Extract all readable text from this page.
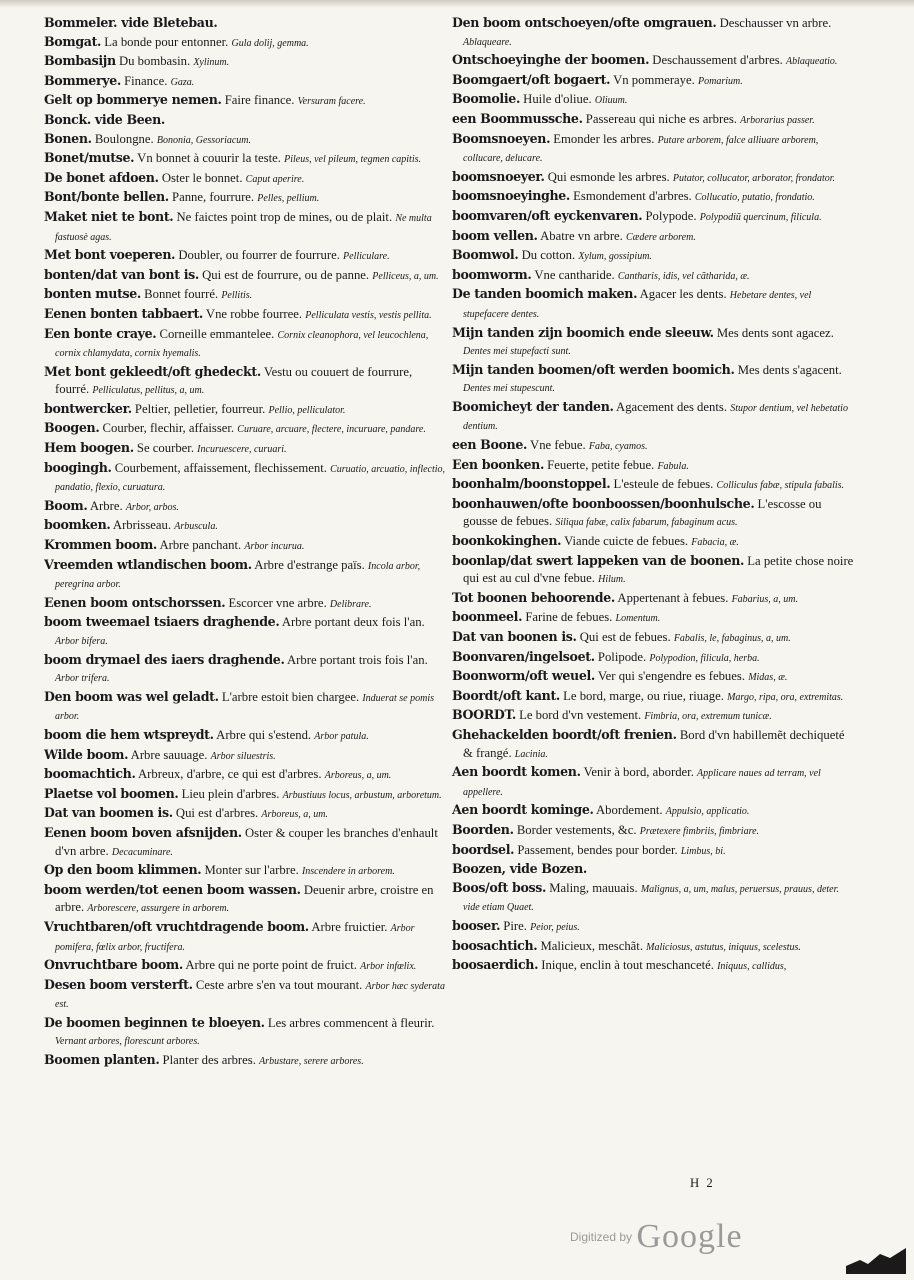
Bommeler. vide Bletebau.

Bomgat. La bonde pour entonner. Gula dolij, gemma.

Bombasijn Du bombasin. Xylinum.

Bommerye. Finance. Gaza.

Gelt op bommerye nemen. Faire finance. Versuram facere.

Bonck. vide Been.

Bonen. Boulongne. Bononia, Gessoriacum.

Bonet/mutse. Vn bonnet à couurir la teste. Pileus, vel pileum, tegmen capitis.

De bonet afdoen. Oster le bonnet. Caput aperire.

Bont/bonte bellen. Panne, fourrure. Pelles, pellium.

Maket niet te bont. Ne faictes point trop de mines, ou de plait. Ne multa fastuosè agas.

Met bont voeperen. Doubler, ou fourrer de fourrure. Pelliculare.

bonten/dat van bont is. Qui est de fourrure, ou de panne. Pelliceus, a, um.

bonten mutse. Bonnet fourré. Pellitis.

Eenen bonten tabbaert. Vne robbe fourree. Pelliculata vestis, vestis pellita.

Een bonte craye. Corneille emmantelee. Cornix cleanophora, vel leucochlena, cornix chlamydata, cornix hyemalis.

Met bont gekleedt/oft ghedeckt. Vestu ou couuert de fourrure, fourré. Pelliculatus, pellitus, a, um.

bontwercker. Peltier, pelletier, fourreur. Pellio, pelliculator.

Boogen. Courber, flechir, affaisser. Curuare, arcuare, flectere, incuruare, pandare.

Hem boogen. Se courber. Incuruescere, curuari.

boogingh. Courbement, affaissement, flechissement. Curuatio, arcuatio, inflectio, pandatio, flexio, curuatura.

Boom. Arbre. Arbor, arbos.

boomken. Arbrisseau. Arbuscula.

Krommen boom. Arbre panchant. Arbor incurua.

Vreemden wtlandischen boom. Arbre d'estrange païs. Incola arbor, peregrina arbor.

Eenen boom ontschorssen. Escorcer vne arbre. Delibrare.

boom tweemael tsiaers draghende. Arbre portant deux fois l'an. Arbor bifera.

boom drymael des iaers draghende. Arbre portant trois fois l'an. Arbor trifera.

Den boom was wel geladt. L'arbre estoit bien chargee. Induerat se pomis arbor.

boom die hem wtspreydt. Arbre qui s'estend. Arbor patula.

Wilde boom. Arbre sauuage. Arbor siluestris.

boomachtich. Arbreux, d'arbre, ce qui est d'arbres. Arboreus, a, um.

Plaetse vol boomen. Lieu plein d'arbres. Arbustiuus locus, arbustum, arboretum.

Dat van boomen is. Qui est d'arbres. Arboreus, a, um.

Eenen boom boven afsnijden. Oster & couper les branches d'enhault d'vn arbre. Decacuminare.

Op den boom klimmen. Monter sur l'arbre. Inscendere in arborem.

boom werden/tot eenen boom wassen. Deuenir arbre, croistre en arbre. Arborescere, assurgere in arborem.

Vruchtbaren/oft vruchtdragende boom. Arbre fruictier. Arbor pomifera, fœlix arbor, fructifera.

Onvruchtbare boom. Arbre qui ne porte point de fruict. Arbor infœlix.

Desen boom versterft. Ceste arbre s'en va tout mourant. Arbor hæc syderata est.

De boomen beginnen te bloeyen. Les arbres commencent à fleurir. Vernant arbores, florescunt arbores.

Boomen planten. Planter des arbres. Arbustare, serere arbores.

Den boom ontschoeyen/ofte omgrauen. Deschausser vn arbre. Ablaqueare.

Ontschoeyinghe der boomen. Deschaussement d'arbres. Ablaqueatio.

Boomgaert/oft bogaert. Vn pommeraye. Pomarium.

Boomolie. Huile d'oliue. Oliuum.

een Boommussche. Passereau qui niche es arbres. Arborarius passer.

Boomsnoeyen. Emonder les arbres. Putare arborem, falce alliuare arborem, collucare, delucare.

boomsnoeyer. Qui esmonde les arbres. Putator, collucator, arborator, frondator.

boomsnoeyinghe. Esmondement d'arbres. Collucatio, putatio, frondatio.

boomvaren/oft eyckenvaren. Polypode. Polypodiũ quercinum, filicula.

boom vellen. Abatre vn arbre. Cædere arborem.

Boomwol. Du cotton. Xylum, gossipium.

boomworm. Vne cantharide. Cantharis, idis, vel cãtharida, æ.

De tanden boomich maken. Agacer les dents. Hebetare dentes, vel stupefacere dentes.

Mijn tanden zijn boomich ende sleeuw. Mes dents sont agacez. Dentes mei stupefacti sunt.

Mijn tanden boomen/oft werden boomich. Mes dents s'agacent. Dentes mei stupescunt.

Boomicheyt der tanden. Agacement des dents. Stupor dentium, vel hebetatio dentium.

een Boone. Vne febue. Faba, cyamos.

Een boonken. Feuerte, petite febue. Fabula.

boonhalm/boonstoppel. L'esteule de febues. Colliculus fabæ, stipula fabalis.

boonhauwen/ofte boonboossen/boonhulsche. L'escosse ou gousse de febues. Siliqua fabæ, calix fabarum, fabaginum acus.

boonkokinghen. Viande cuicte de febues. Fabacia, æ.

boonlap/dat swert lappeken van de boonen. La petite chose noire qui est au cul d'vne febue. Hilum.

Tot boonen behoorende. Appertenant à febues. Fabarius, a, um.

boonmeel. Farine de febues. Lomentum.

Dat van boonen is. Qui est de febues. Fabalis, le, fabaginus, a, um.

Boonvaren/ingelsoet. Polipode. Polypodion, filicula, herba.

Boonworm/oft weuel. Ver qui s'engendre es febues. Midas, æ.

Boordt/oft kant. Le bord, marge, ou riue, riuage. Margo, ripa, ora, extremitas.

BOORDT. Le bord d'vn vestement. Fimbria, ora, extremum tunicæ.

Ghehackelden boordt/oft frenien. Bord d'vn habillemẽt dechiqueté & frangé. Lacinia.

Aen boordt komen. Venir à bord, aborder. Applicare naues ad terram, vel appellere.

Aen boordt kominge. Abordement. Appulsio, applicatio.

Boorden. Border vestements, &c. Prætexere fimbriis, fimbriare.

boordsel. Passement, bendes pour border. Limbus, bi.

Boozen, vide Bozen.

Boos/oft boss. Maling, mauuais. Malignus, a, um, malus, peruersus, prauus, deter. vide etiam Quaet.

booser. Pire. Peior, peius.

boosachtich. Malicieux, meschãt. Maliciosus, astutus, iniquus, scelestus.

boosaerdich. Inique, enclin à tout meschanceté. Iniquus, callidus,

H 2
Digitized by Google
